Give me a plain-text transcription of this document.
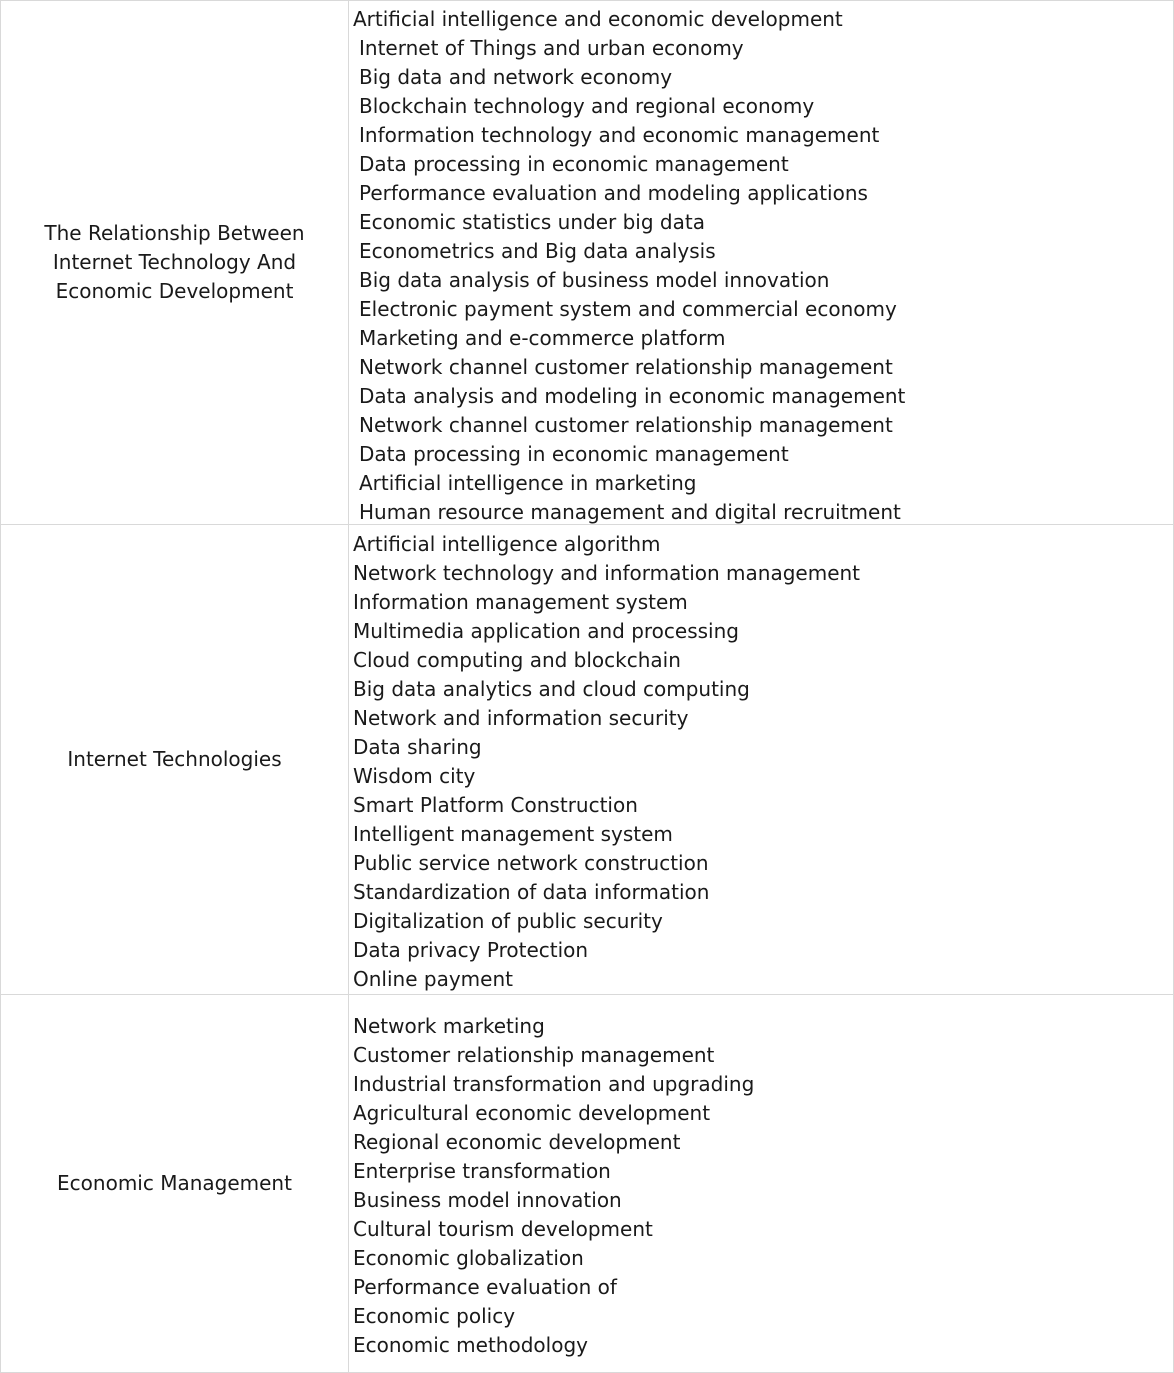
The Relationship Between Internet Technology And Economic Development
Artificial intelligence and economic development
Internet of Things and urban economy
Big data and network economy
Blockchain technology and regional economy
Information technology and economic management
Data processing in economic management
Performance evaluation and modeling applications
Economic statistics under big data
Econometrics and Big data analysis
Big data analysis of business model innovation
Electronic payment system and commercial economy
Marketing and e-commerce platform
Network channel customer relationship management
Data analysis and modeling in economic management
Network channel customer relationship management
Data processing in economic management
Artificial intelligence in marketing
Human resource management and digital recruitment
Internet Technologies
Artificial intelligence algorithm
Network technology and information management
Information management system
Multimedia application and processing
Cloud computing and blockchain
Big data analytics and cloud computing
Network and information security
Data sharing
Wisdom city
Smart Platform Construction
Intelligent management system
Public service network construction
Standardization of data information
Digitalization of public security
Data privacy Protection
Online payment
Economic Management
Network marketing
Customer relationship management
Industrial transformation and upgrading
Agricultural economic development
Regional economic development
Enterprise transformation
Business model innovation
Cultural tourism development
Economic globalization
Performance evaluation of
Economic policy
Economic methodology
